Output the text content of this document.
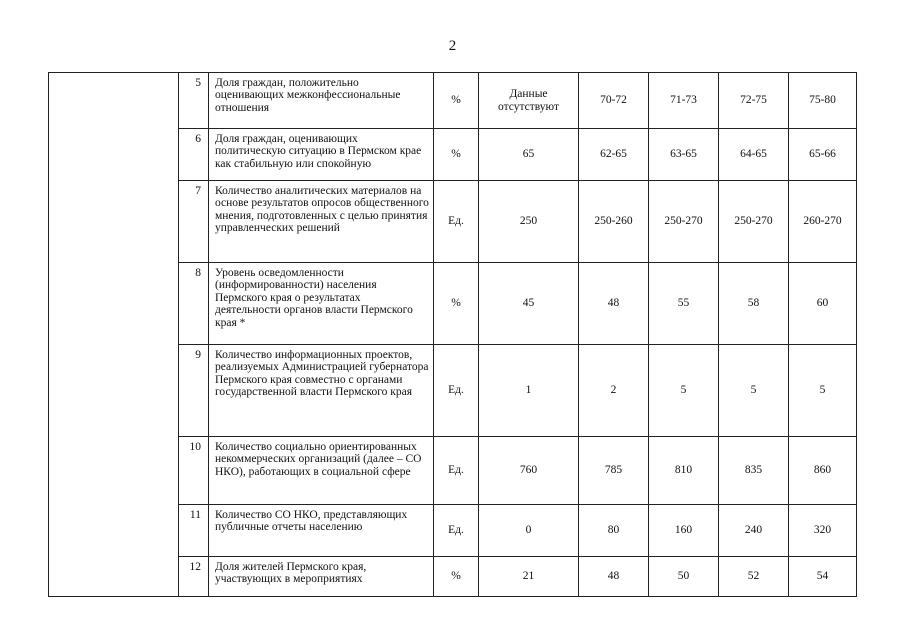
2
	5	Доля граждан, положительно оценивающих межконфессиональные отношения	%	Данные отсутствуют	70-72	71-73	72-75	75-80
	6	Доля граждан, оценивающих политическую ситуацию в Пермском крае как стабильную или спокойную	%	65	62-65	63-65	64-65	65-66
	7	Количество аналитических материалов на основе результатов опросов общественного мнения, подготовленных с целью принятия управленческих решений	Ед.	250	250-260	250-270	250-270	260-270
	8	Уровень осведомленности (информированности) населения Пермского края о результатах деятельности органов власти Пермского края *	%	45	48	55	58	60
	9	Количество информационных проектов, реализуемых Администрацией губернатора Пермского края совместно с органами государственной власти Пермского края	Ед.	1	2	5	5	5
	10	Количество социально ориентированных некоммерческих организаций (далее – СО НКО), работающих в социальной сфере	Ед.	760	785	810	835	860
	11	Количество СО НКО, представляющих публичные отчеты населению	Ед.	0	80	160	240	320
	12	Доля жителей Пермского края, участвующих в мероприятиях	%	21	48	50	52	54
